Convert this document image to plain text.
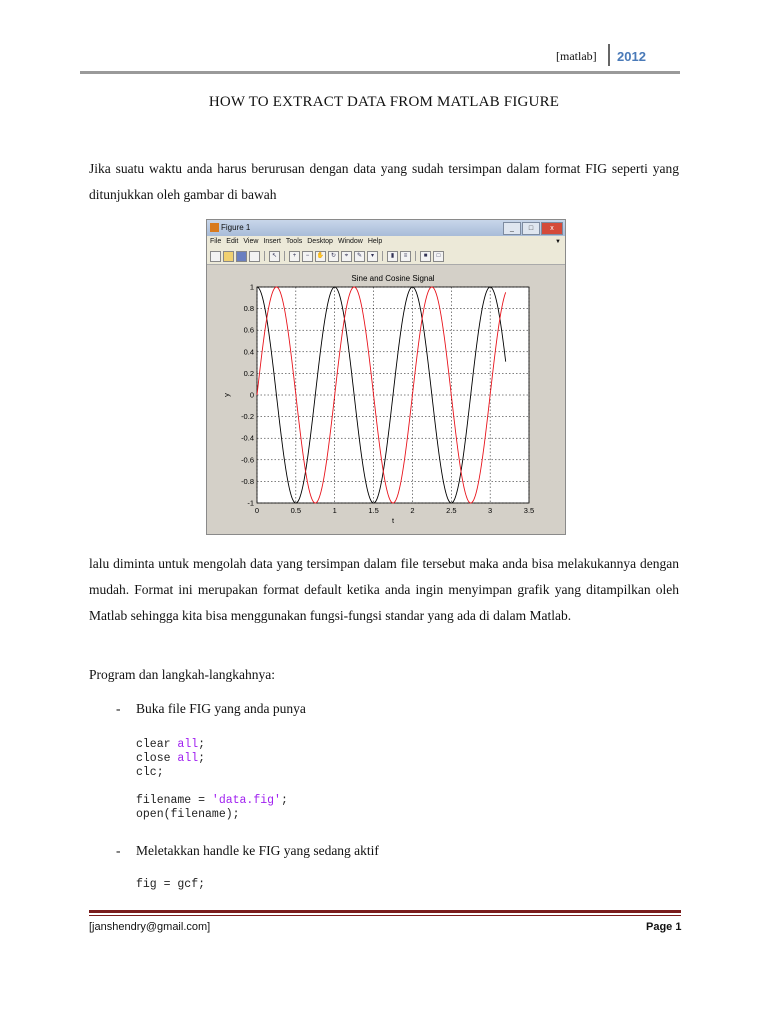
[matlab] 2012
HOW TO EXTRACT DATA FROM MATLAB FIGURE
Jika suatu waktu anda harus berurusan dengan data yang sudah tersimpan dalam format FIG seperti yang ditunjukkan oleh gambar di bawah
Figure 1	_	□	x
File Edit View Insert Tools Desktop Window Help	▼
↖	+	−	✋	↻	⌖	✎	▾	▮	≡	■	□
0	0.5	1	1.5	2	2.5	3	3.5
1
0.8
0.6
0.4
0.2
0
-0.2
-0.4
-0.6
-0.8
-1
Sine and Cosine Signal
t
y
lalu diminta untuk mengolah data yang tersimpan dalam file tersebut maka anda bisa melakukannya dengan mudah. Format ini merupakan format default ketika anda ingin menyimpan grafik yang ditampilkan oleh Matlab sehingga kita bisa menggunakan fungsi-fungsi standar yang ada di dalam Matlab.
Program dan langkah-langkahnya:
- Buka file FIG yang anda punya
clear all;
close all;
clc;

filename = 'data.fig';
open(filename);
- Meletakkan handle ke FIG yang sedang aktif
fig = gcf;
[janshendry@gmail.com]	Page 1
